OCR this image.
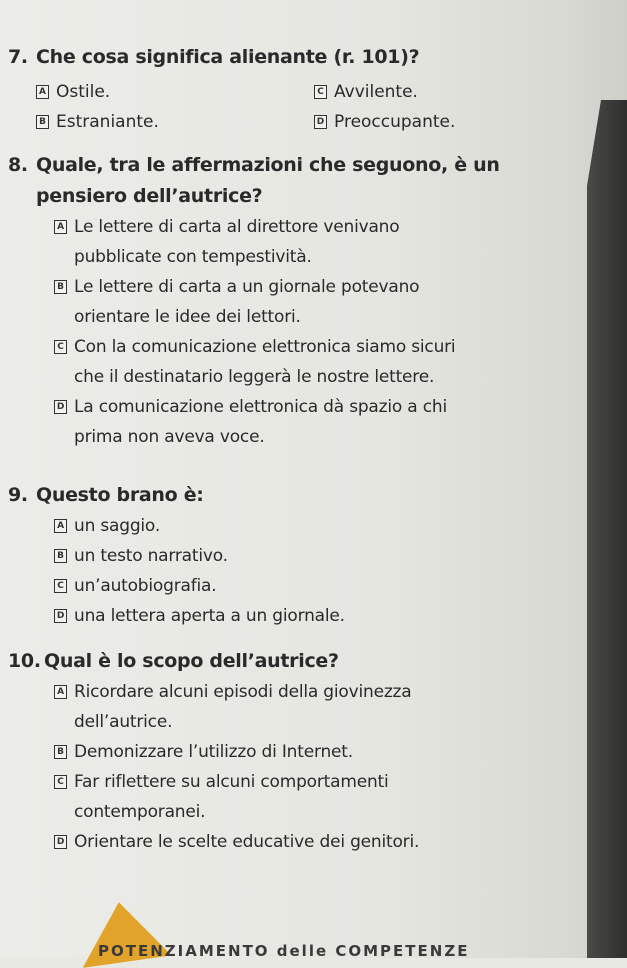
7. Che cosa significa alienante (r. 101)?
A Ostile.	C Avvilente.
B Estraniante.	D Preoccupante.
8. Quale, tra le affermazioni che seguono, è un
pensiero dell’autrice?
A Le lettere di carta al direttore venivano
pubblicate con tempestività.
B Le lettere di carta a un giornale potevano
orientare le idee dei lettori.
C Con la comunicazione elettronica siamo sicuri
che il destinatario leggerà le nostre lettere.
D La comunicazione elettronica dà spazio a chi
prima non aveva voce.
9. Questo brano è:
A un saggio.
B un testo narrativo.
C un’autobiografia.
D una lettera aperta a un giornale.
10. Qual è lo scopo dell’autrice?
A Ricordare alcuni episodi della giovinezza
dell’autrice.
B Demonizzare l’utilizzo di Internet.
C Far riflettere su alcuni comportamenti
contemporanei.
D Orientare le scelte educative dei genitori.
POTENZIAMENTO delle COMPETENZE
